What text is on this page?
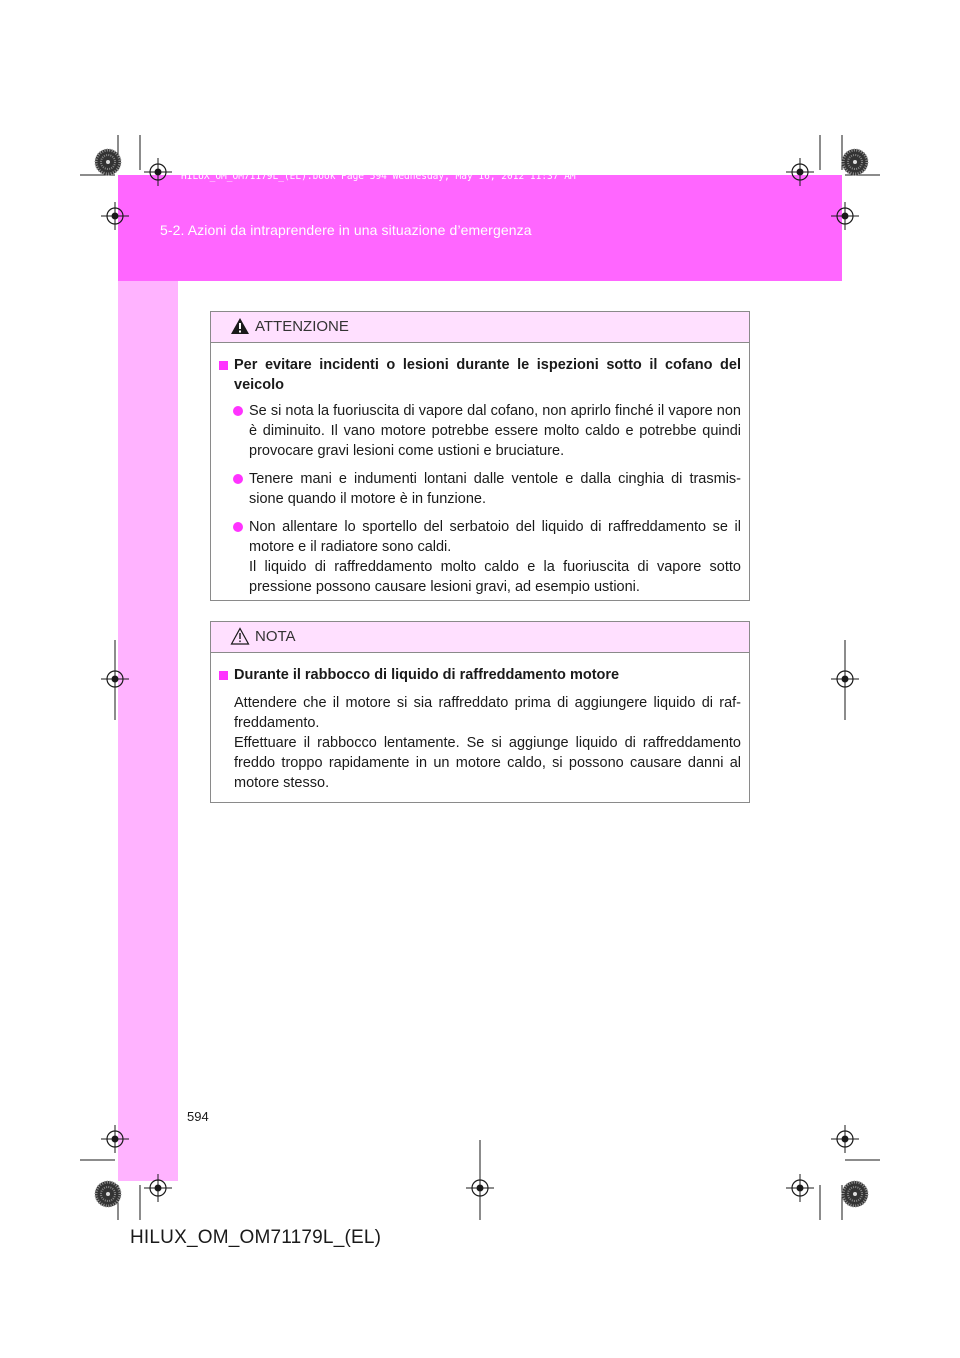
HILUX_OM_OM71179L_(EL).book Page 594 Wednesday, May 16, 2012 11:37 AM
5-2. Azioni da intraprendere in una situazione d’emergenza
ATTENZIONE
Per evitare incidenti o lesioni durante le ispezioni sotto il cofano del veicolo
Se si nota la fuoriuscita di vapore dal cofano, non aprirlo finché il vapore non è diminuito. Il vano motore potrebbe essere molto caldo e potrebbe quindi provocare gravi lesioni come ustioni e bruciature.
Tenere mani e indumenti lontani dalle ventole e dalla cinghia di trasmis-sione quando il motore è in funzione.
Non allentare lo sportello del serbatoio del liquido di raffreddamento se il motore e il radiatore sono caldi.
Il liquido di raffreddamento molto caldo e la fuoriuscita di vapore sotto pressione possono causare lesioni gravi, ad esempio ustioni.
NOTA
Durante il rabbocco di liquido di raffreddamento motore
Attendere che il motore si sia raffreddato prima di aggiungere liquido di raf-freddamento.
Effettuare il rabbocco lentamente. Se si aggiunge liquido di raffreddamento freddo troppo rapidamente in un motore caldo, si possono causare danni al motore stesso.
594
HILUX_OM_OM71179L_(EL)
